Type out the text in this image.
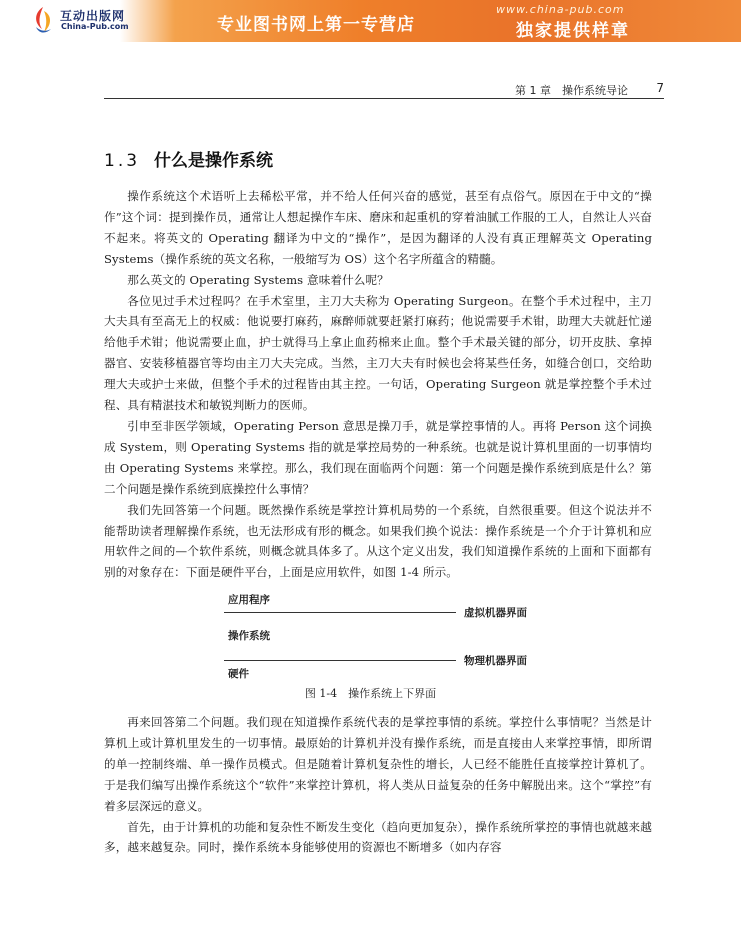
互动出版网
China-Pub.com	专业图书网上第一专营店
www.china-pub.com
独家提供样章
第 1 章　操作系统导论 7
1.3 什么是操作系统

操作系统这个术语听上去稀松平常，并不给人任何兴奋的感觉，甚至有点俗气。原因在于中文的“操作”这个词：提到操作员，通常让人想起操作车床、磨床和起重机的穿着油腻工作服的工人，自然让人兴奋不起来。将英文的 Operating 翻译为中文的“操作”，是因为翻译的人没有真正理解英文 Operating Systems（操作系统的英文名称，一般缩写为 OS）这个名字所蕴含的精髓。

那么英文的 Operating Systems 意味着什么呢？

各位见过手术过程吗？在手术室里，主刀大夫称为 Operating Surgeon。在整个手术过程中，主刀大夫具有至高无上的权威：他说要打麻药，麻醉师就要赶紧打麻药；他说需要手术钳，助理大夫就赶忙递给他手术钳；他说需要止血，护士就得马上拿止血药棉来止血。整个手术最关键的部分，切开皮肤、拿掉器官、安装移植器官等均由主刀大夫完成。当然，主刀大夫有时候也会将某些任务，如缝合创口，交给助理大夫或护士来做，但整个手术的过程皆由其主控。一句话，Operating Surgeon 就是掌控整个手术过程、具有精湛技术和敏锐判断力的医师。

引申至非医学领域，Operating Person 意思是操刀手，就是掌控事情的人。再将 Person 这个词换成 System，则 Operating Systems 指的就是掌控局势的一种系统。也就是说计算机里面的一切事情均由 Operating Systems 来掌控。那么，我们现在面临两个问题：第一个问题是操作系统到底是什么？第二个问题是操作系统到底操控什么事情？

我们先回答第一个问题。既然操作系统是掌控计算机局势的一个系统，自然很重要。但这个说法并不能帮助读者理解操作系统，也无法形成有形的概念。如果我们换个说法：操作系统是一个介于计算机和应用软件之间的—个软件系统，则概念就具体多了。从这个定义出发，我们知道操作系统的上面和下面都有别的对象存在：下面是硬件平台，上面是应用软件，如图 1-4 所示。

应用程序
虚拟机器界面
操作系统
物理机器界面
硬件
图 1-4　操作系统上下界面

再来回答第二个问题。我们现在知道操作系统代表的是掌控事情的系统。掌控什么事情呢？当然是计算机上或计算机里发生的一切事情。最原始的计算机并没有操作系统，而是直接由人来掌控事情，即所谓的单一控制终端、单一操作员模式。但是随着计算机复杂性的增长，人已经不能胜任直接掌控计算机了。于是我们编写出操作系统这个“软件”来掌控计算机，将人类从日益复杂的任务中解脱出来。这个“掌控”有着多层深远的意义。

首先，由于计算机的功能和复杂性不断发生变化（趋向更加复杂），操作系统所掌控的事情也就越来越多，越来越复杂。同时，操作系统本身能够使用的资源也不断增多（如内存容
